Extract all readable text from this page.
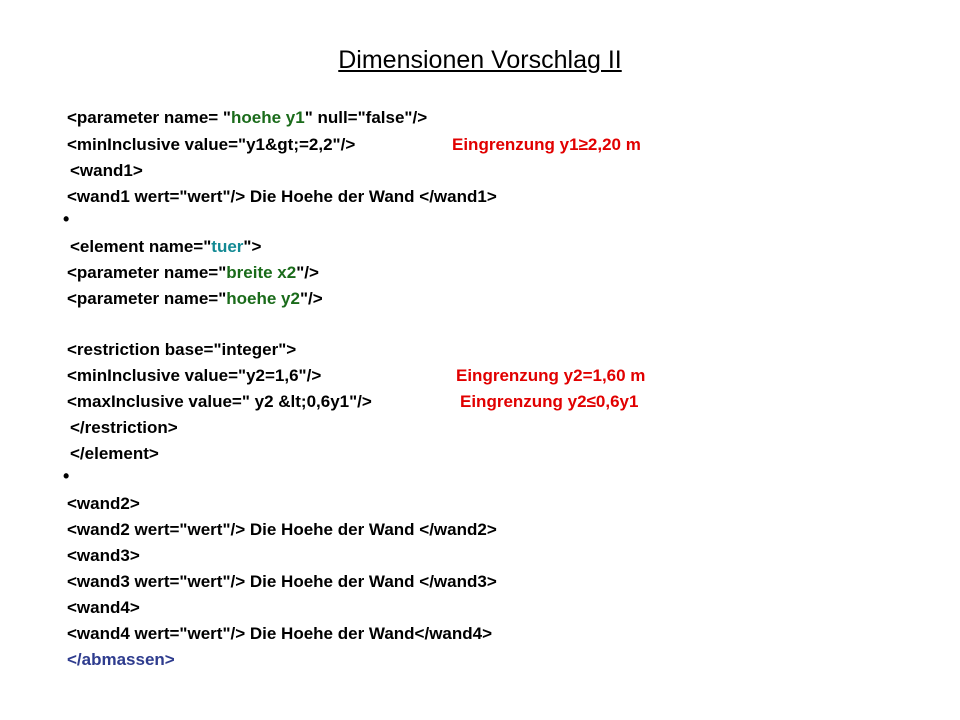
Dimensionen Vorschlag II
<parameter name= "hoehe y1" null="false"/>
<minInclusive value="y1&gt;=2,2"/>	Eingrenzung y1≥2,20 m
<wand1>
<wand1 wert="wert"/> Die Hoehe der Wand </wand1>
•
<element name="tuer">
<parameter name="breite x2"/>
<parameter name="hoehe y2"/>
<restriction base="integer">
<minInclusive value="y2=1,6"/>	Eingrenzung y2=1,60 m
<maxInclusive value=" y2 &lt;0,6y1"/>	Eingrenzung y2≤0,6y1
</restriction>
</element>
•
<wand2>
<wand2 wert="wert"/> Die Hoehe der Wand </wand2>
<wand3>
<wand3 wert="wert"/> Die Hoehe der Wand </wand3>
<wand4>
<wand4 wert="wert"/> Die Hoehe der Wand</wand4>
</abmassen>
